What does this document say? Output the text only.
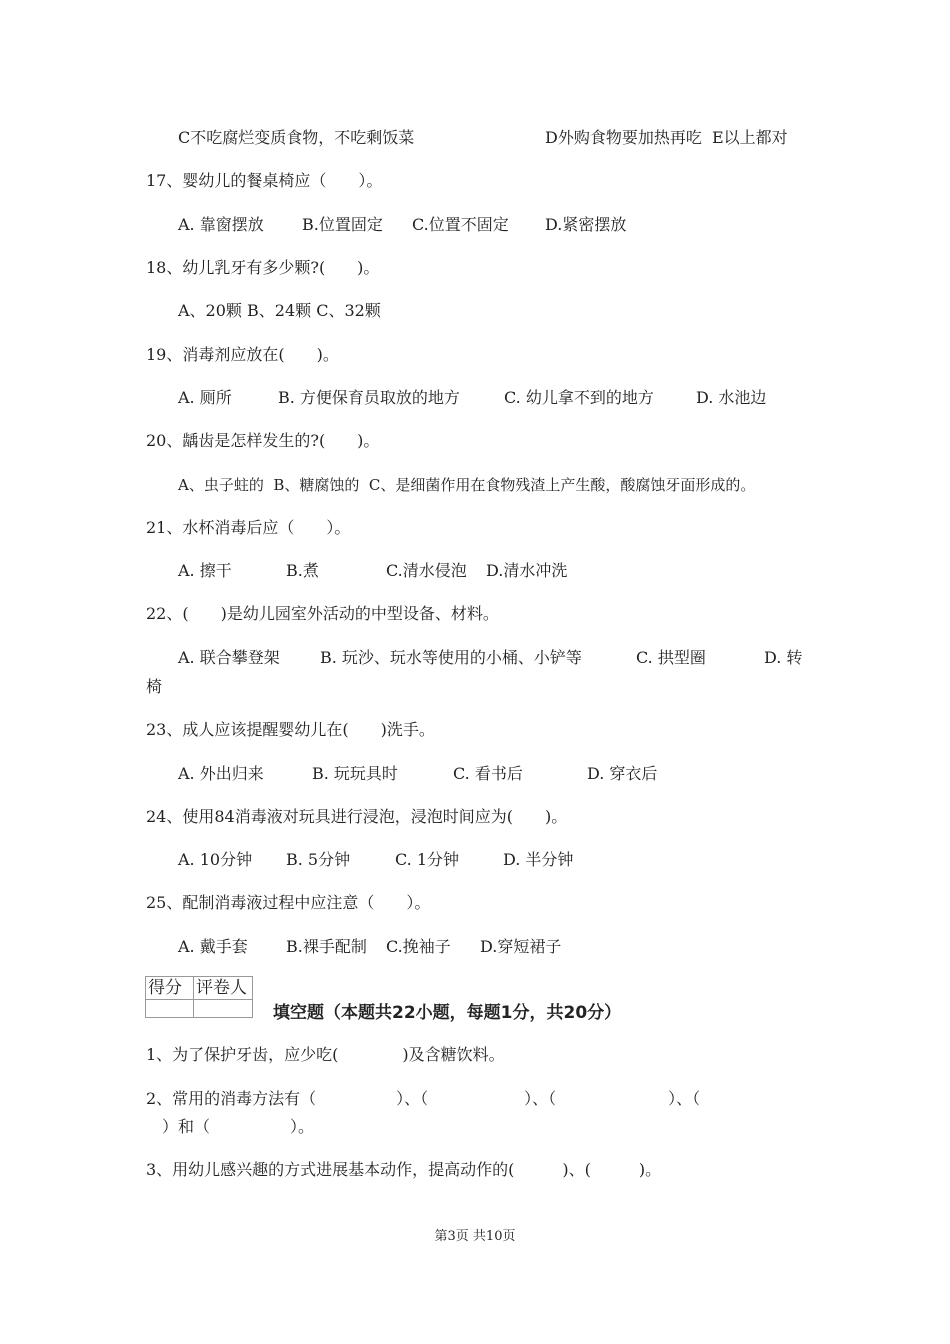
C不吃腐烂变质食物，不吃剩饭菜	D外购食物要加热再吃  E以上都对
17、婴幼儿的餐桌椅应（　　）。
A. 靠窗摆放 B.位置固定 C.位置不固定 D.紧密摆放
18、幼儿乳牙有多少颗?(　　)。
A、20颗 B、24颗 C、32颗
19、消毒剂应放在(　　)。
A. 厕所	B. 方便保育员取放的地方	C. 幼儿拿不到的地方	D. 水池边
20、龋齿是怎样发生的?(　　)。
A、虫子蛀的  B、糖腐蚀的  C、是细菌作用在食物残渣上产生酸，酸腐蚀牙面形成的。
21、水杯消毒后应（　　）。
A. 擦干	B.煮	C.清水侵泡 D.清水冲洗
22、(　　)是幼儿园室外活动的中型设备、材料。
A. 联合攀登架	B. 玩沙、玩水等使用的小桶、小铲等	C. 拱型圈	D. 转
椅
23、成人应该提醒婴幼儿在(　　)洗手。
A. 外出归来	B. 玩玩具时	C. 看书后	D. 穿衣后
24、使用84消毒液对玩具进行浸泡，浸泡时间应为(　　)。
A. 10分钟 B. 5分钟	C. 1分钟	D. 半分钟
25、配制消毒液过程中应注意（　　）。
A. 戴手套 B.裸手配制 C.挽袖子 D.穿短裙子
得分 评卷人
填空题（本题共22小题，每题1分，共20分）
1、为了保护牙齿，应少吃(　　　　)及含糖饮料。
2、常用的消毒方法有（　　　　　）、（　　　　　　）、（　　　　　　　）、（
　）和（　　　　　）。
3、用幼儿感兴趣的方式进展基本动作，提高动作的(　　　)、(　　　)。
第3页 共10页
